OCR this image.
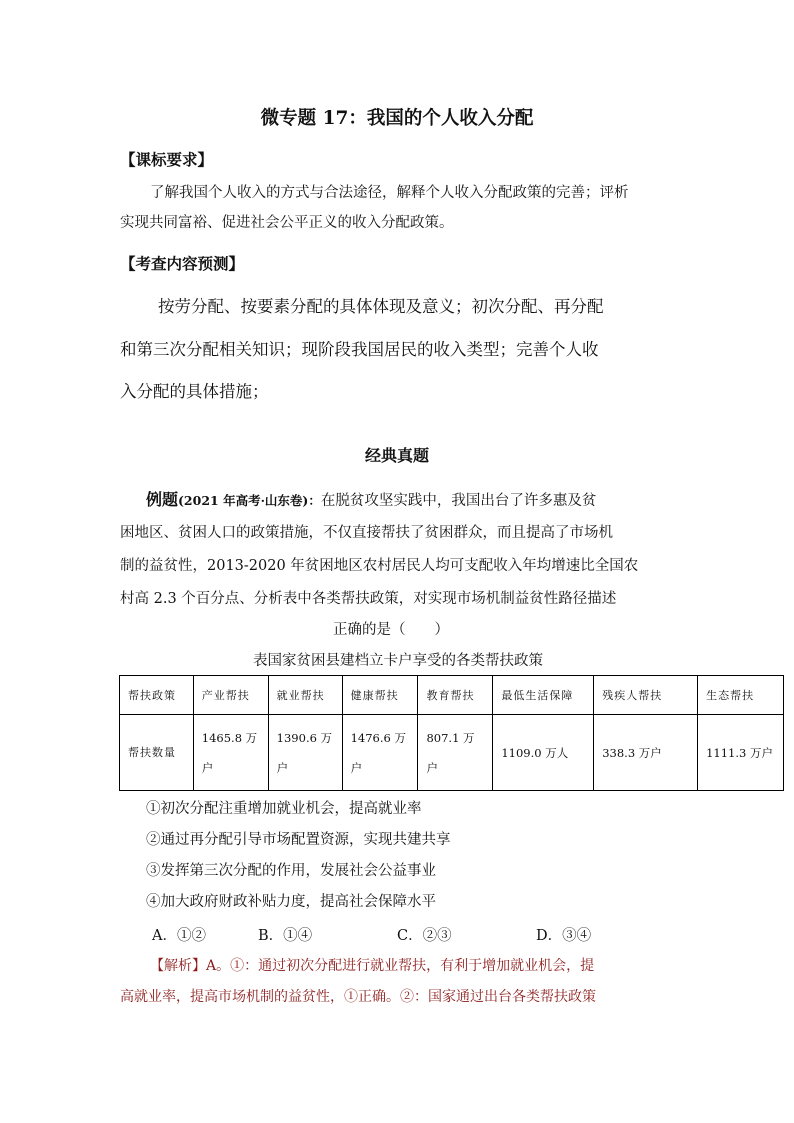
微专题 17：我国的个人收入分配
【课标要求】
了解我国个人收入的方式与合法途径，解释个人收入分配政策的完善；评析
实现共同富裕、促进社会公平正义的收入分配政策。
【考查内容预测】
按劳分配、按要素分配的具体体现及意义；初次分配、再分配
和第三次分配相关知识；现阶段我国居民的收入类型；完善个人收
入分配的具体措施；
经典真题
例题(2021 年高考·山东卷)：在脱贫攻坚实践中，我国出台了许多惠及贫
困地区、贫困人口的政策措施，不仅直接帮扶了贫困群众，而且提高了市场机
制的益贫性，2013-2020 年贫困地区农村居民人均可支配收入年均增速比全国农
村高 2.3 个百分点、分析表中各类帮扶政策，对实现市场机制益贫性路径描述
正确的是（　　）
表国家贫困县建档立卡户享受的各类帮扶政策
帮扶政策	产业帮扶	就业帮扶	健康帮扶	教育帮扶	最低生活保障	残疾人帮扶	生态帮扶
帮扶数量	1465.8 万户	1390.6 万户	1476.6 万户	807.1 万户	1109.0 万人	338.3 万户	1111.3 万户
①初次分配注重增加就业机会，提高就业率
②通过再分配引导市场配置资源，实现共建共享
③发挥第三次分配的作用，发展社会公益事业
④加大政府财政补贴力度，提高社会保障水平
A．①②	B．①④	C．②③	D．③④
【解析】A。①：通过初次分配进行就业帮扶，有利于增加就业机会，提
高就业率，提高市场机制的益贫性，①正确。②：国家通过出台各类帮扶政策
